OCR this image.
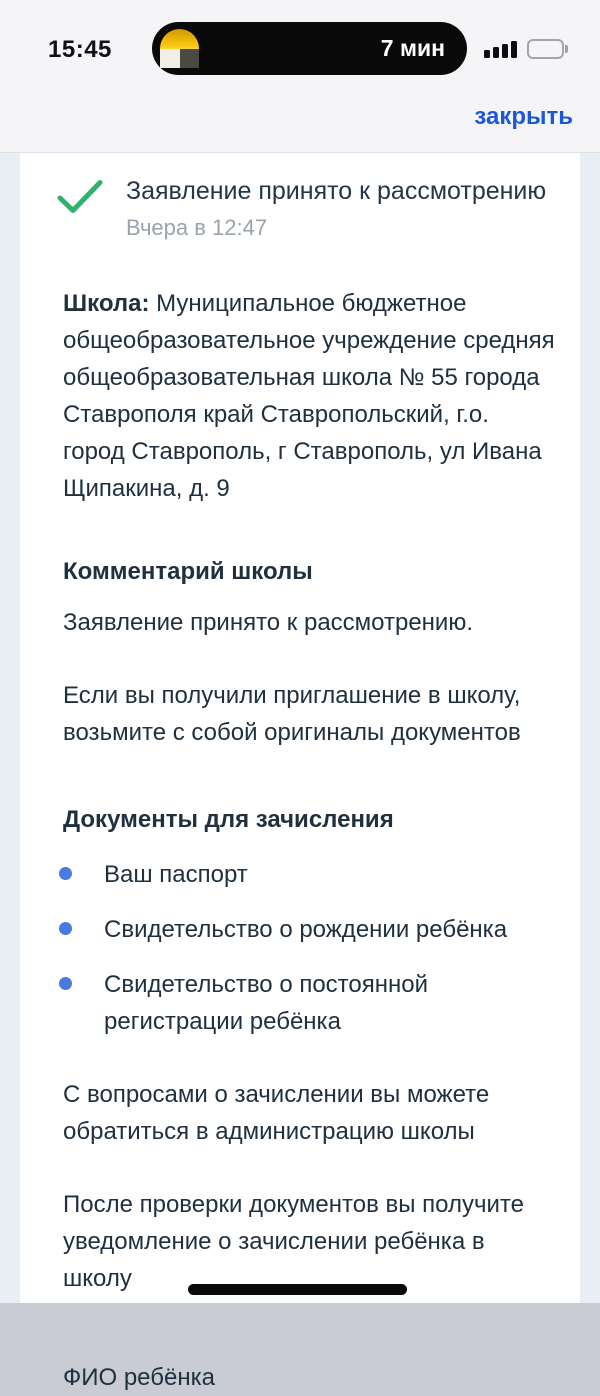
15:45	7 мин
закрыть
Заявление принято к рассмотрению
Вчера в 12:47

Школа: Муниципальное бюджетное общеобразовательное учреждение средняя общеобразовательная школа № 55 города Ставрополя край Ставропольский, г.о. город Ставрополь, г Ставрополь, ул Ивана Щипакина, д. 9

Комментарий школы

Заявление принято к рассмотрению.

Если вы получили приглашение в школу, возьмите с собой оригиналы документов

Документы для зачисления
Ваш паспорт
Свидетельство о рождении ребёнка
Свидетельство о постоянной регистрации ребёнка

С вопросами о зачислении вы можете обратиться в администрацию школы

После проверки документов вы получите уведомление о зачислении ребёнка в школу

ФИО ребёнка
